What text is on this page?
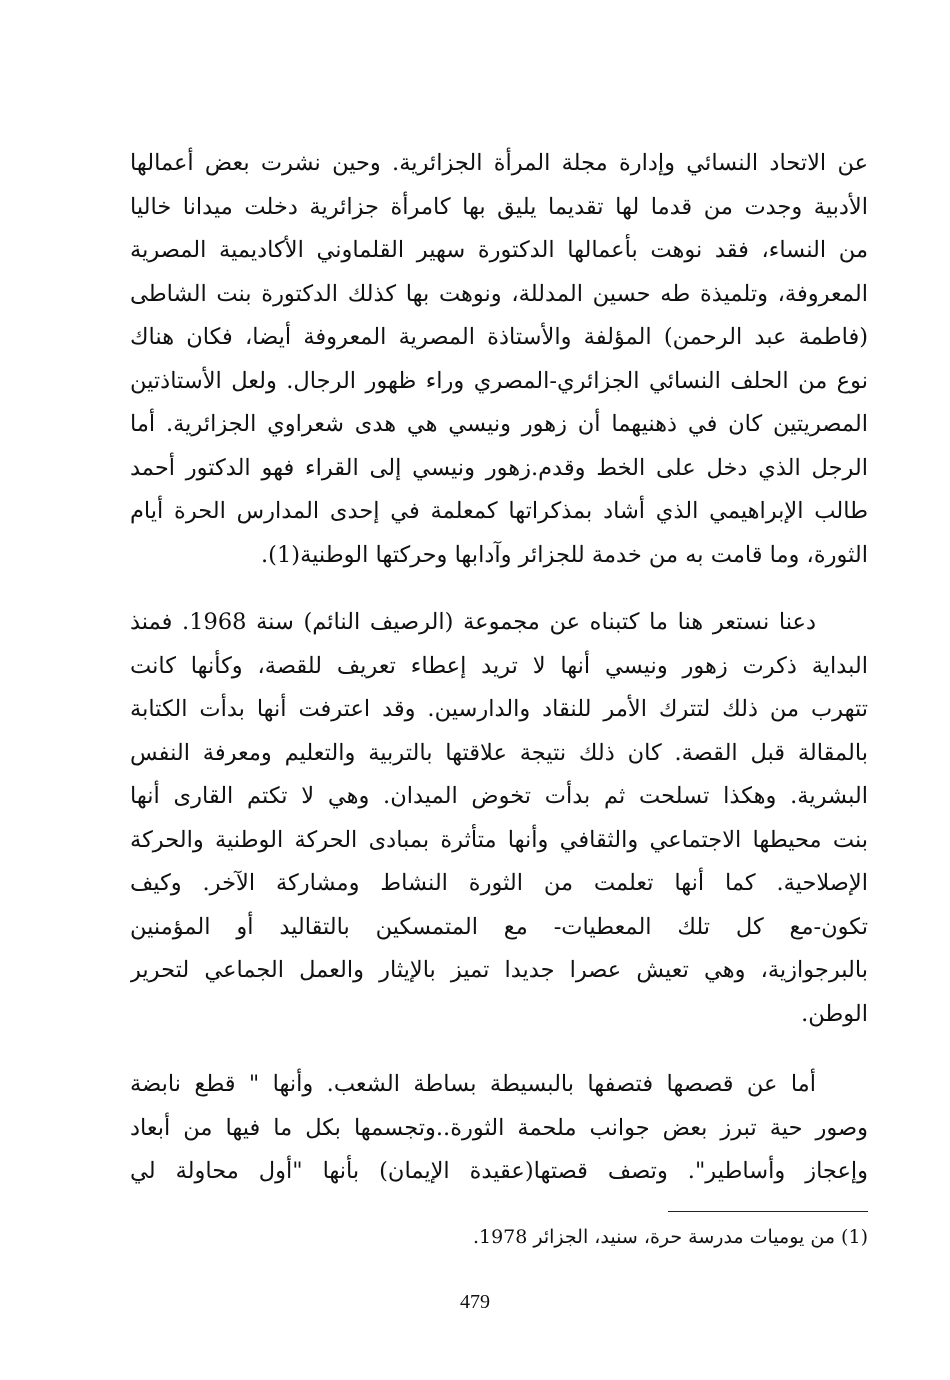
عن الاتحاد النسائي وإدارة مجلة المرأة الجزائرية. وحين نشرت بعض أعمالها
الأدبية وجدت من قدما لها تقديما يليق بها كامرأة جزائرية دخلت ميدانا خاليا
من النساء، فقد نوهت بأعمالها الدكتورة سهير القلماوني الأكاديمية المصرية
المعروفة، وتلميذة طه حسين المدللة، ونوهت بها كذلك الدكتورة بنت الشاطى
(فاطمة عبد الرحمن) المؤلفة والأستاذة المصرية المعروفة أيضا، فكان هناك
نوع من الحلف النسائي الجزائري-المصري وراء ظهور الرجال. ولعل الأستاذتين
المصريتين كان في ذهنيهما أن زهور ونيسي هي هدى شعراوي الجزائرية. أما
الرجل الذي دخل على الخط وقدم.زهور ونيسي إلى القراء فهو الدكتور أحمد
طالب الإبراهيمي الذي أشاد بمذكراتها كمعلمة في إحدى المدارس الحرة أيام
الثورة، وما قامت به من خدمة للجزائر وآدابها وحركتها الوطنية(1).
دعنا نستعر هنا ما كتبناه عن مجموعة (الرصيف النائم) سنة 1968. فمنذ
البداية ذكرت زهور ونيسي أنها لا تريد إعطاء تعريف للقصة، وكأنها كانت
تتهرب من ذلك لتترك الأمر للنقاد والدارسين. وقد اعترفت أنها بدأت الكتابة
بالمقالة قبل القصة. كان ذلك نتيجة علاقتها بالتربية والتعليم ومعرفة النفس
البشرية. وهكذا تسلحت ثم بدأت تخوض الميدان. وهي لا تكتم القارى أنها
بنت محيطها الاجتماعي والثقافي وأنها متأثرة بمبادى الحركة الوطنية والحركة
الإصلاحية. كما أنها تعلمت من الثورة النشاط ومشاركة الآخر. وكيف
تكون-مع كل تلك المعطيات- مع المتمسكين بالتقاليد أو المؤمنين
بالبرجوازية، وهي تعيش عصرا جديدا تميز بالإيثار والعمل الجماعي لتحرير
الوطن.
أما عن قصصها فتصفها بالبسيطة بساطة الشعب. وأنها " قطع نابضة
وصور حية تبرز بعض جوانب ملحمة الثورة..وتجسمها بكل ما فيها من أبعاد
وإعجاز وأساطير". وتصف قصتها(عقيدة الإيمان) بأنها "أول محاولة لي
(1) من يوميات مدرسة حرة، سنيد، الجزائر 1978.
479
